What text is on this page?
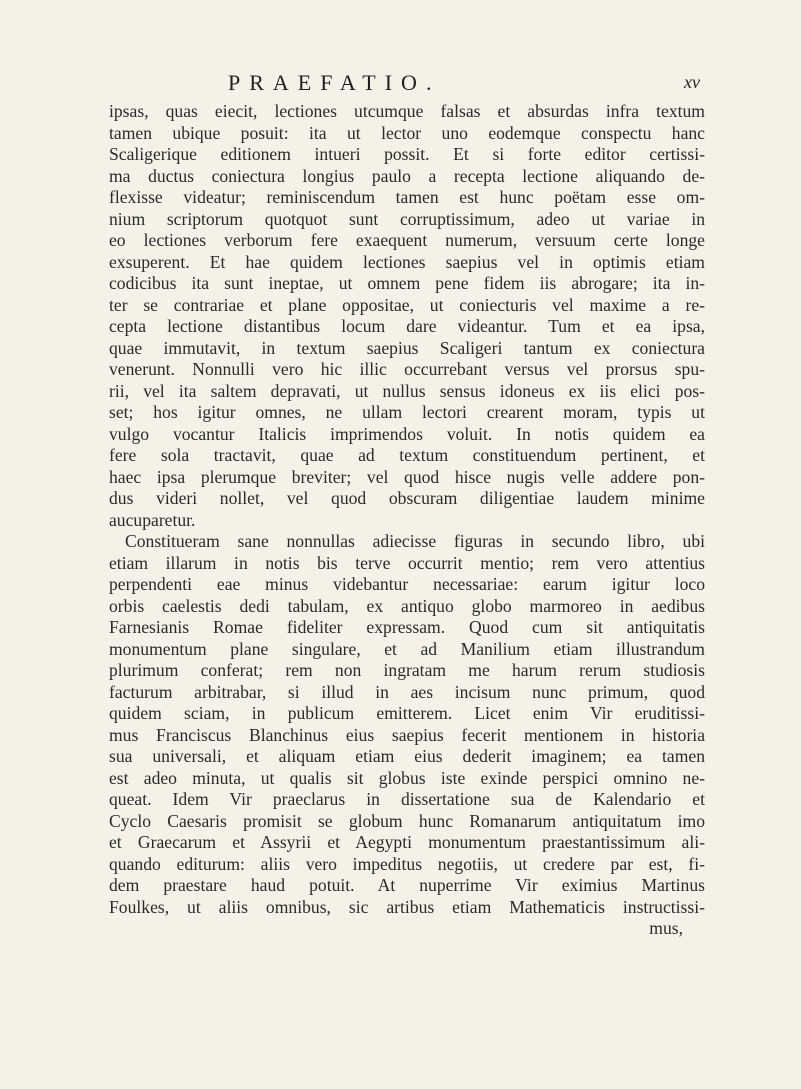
PRAEFATIO.	xv
ipsas, quas eiecit, lectiones utcumque falsas et absurdas infra textum
tamen ubique posuit: ita ut lector uno eodemque conspectu hanc
Scaligerique editionem intueri possit. Et si forte editor certissi-
ma ductus coniectura longius paulo a recepta lectione aliquando de-
flexisse videatur; reminiscendum tamen est hunc poëtam esse om-
nium scriptorum quotquot sunt corruptissimum, adeo ut variae in
eo lectiones verborum fere exaequent numerum, versuum certe longe
exsuperent. Et hae quidem lectiones saepius vel in optimis etiam
codicibus ita sunt ineptae, ut omnem pene fidem iis abrogare; ita in-
ter se contrariae et plane oppositae, ut coniecturis vel maxime a re-
cepta lectione distantibus locum dare videantur. Tum et ea ipsa,
quae immutavit, in textum saepius Scaligeri tantum ex coniectura
venerunt. Nonnulli vero hic illic occurrebant versus vel prorsus spu-
rii, vel ita saltem depravati, ut nullus sensus idoneus ex iis elici pos-
set; hos igitur omnes, ne ullam lectori crearent moram, typis ut
vulgo vocantur Italicis imprimendos voluit. In notis quidem ea
fere sola tractavit, quae ad textum constituendum pertinent, et
haec ipsa plerumque breviter; vel quod hisce nugis velle addere pon-
dus videri nollet, vel quod obscuram diligentiae laudem minime
aucuparetur.
Constitueram sane nonnullas adiecisse figuras in secundo libro, ubi
etiam illarum in notis bis terve occurrit mentio; rem vero attentius
perpendenti eae minus videbantur necessariae: earum igitur loco
orbis caelestis dedi tabulam, ex antiquo globo marmoreo in aedibus
Farnesianis Romae fideliter expressam. Quod cum sit antiquitatis
monumentum plane singulare, et ad Manilium etiam illustrandum
plurimum conferat; rem non ingratam me harum rerum studiosis
facturum arbitrabar, si illud in aes incisum nunc primum, quod
quidem sciam, in publicum emitterem. Licet enim Vir eruditissi-
mus Franciscus Blanchinus eius saepius fecerit mentionem in historia
sua universali, et aliquam etiam eius dederit imaginem; ea tamen
est adeo minuta, ut qualis sit globus iste exinde perspici omnino ne-
queat. Idem Vir praeclarus in dissertatione sua de Kalendario et
Cyclo Caesaris promisit se globum hunc Romanarum antiquitatum imo
et Graecarum et Assyrii et Aegypti monumentum praestantissimum ali-
quando editurum: aliis vero impeditus negotiis, ut credere par est, fi-
dem praestare haud potuit. At nuperrime Vir eximius Martinus
Foulkes, ut aliis omnibus, sic artibus etiam Mathematicis instructissi-
mus,
